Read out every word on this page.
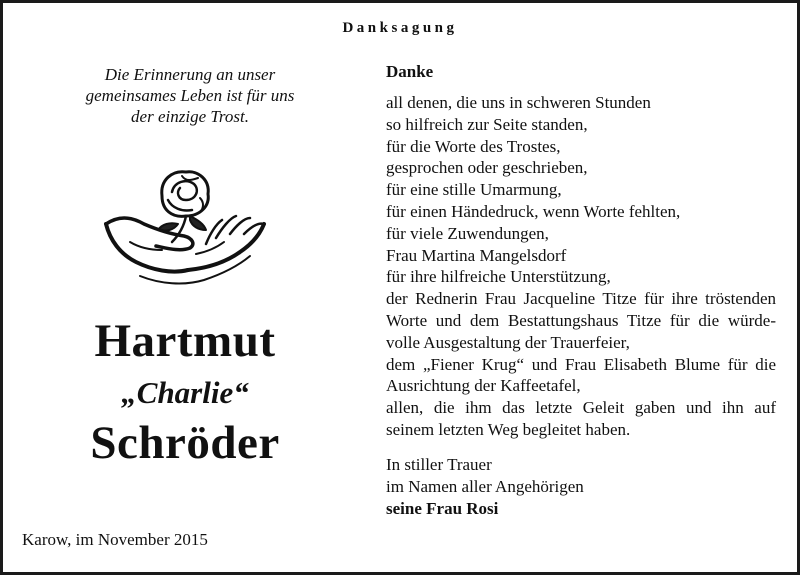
Danksagung
Die Erinnerung an unser
gemeinsames Leben ist für uns
der einzige Trost.
Hartmut
„Charlie“
Schröder
Karow, im November 2015
Danke
all denen, die uns in schweren Stunden
so hilfreich zur Seite standen,
für die Worte des Trostes,
gesprochen oder geschrieben,
für eine stille Umarmung,
für einen Händedruck, wenn Worte fehlten,
für viele Zuwendungen,
Frau Martina Mangelsdorf
für ihre hilfreiche Unterstützung,
der Rednerin Frau Jacqueline Titze für ihre tröstenden
Worte und dem Bestattungshaus Titze für die würde-
volle Ausgestaltung der Trauerfeier,
dem „Fiener Krug“ und Frau Elisabeth Blume für die
Ausrichtung der Kaffeetafel,
allen, die ihm das letzte Geleit gaben und ihn auf
seinem letzten Weg begleitet haben.
In stiller Trauer
im Namen aller Angehörigen
seine Frau Rosi
